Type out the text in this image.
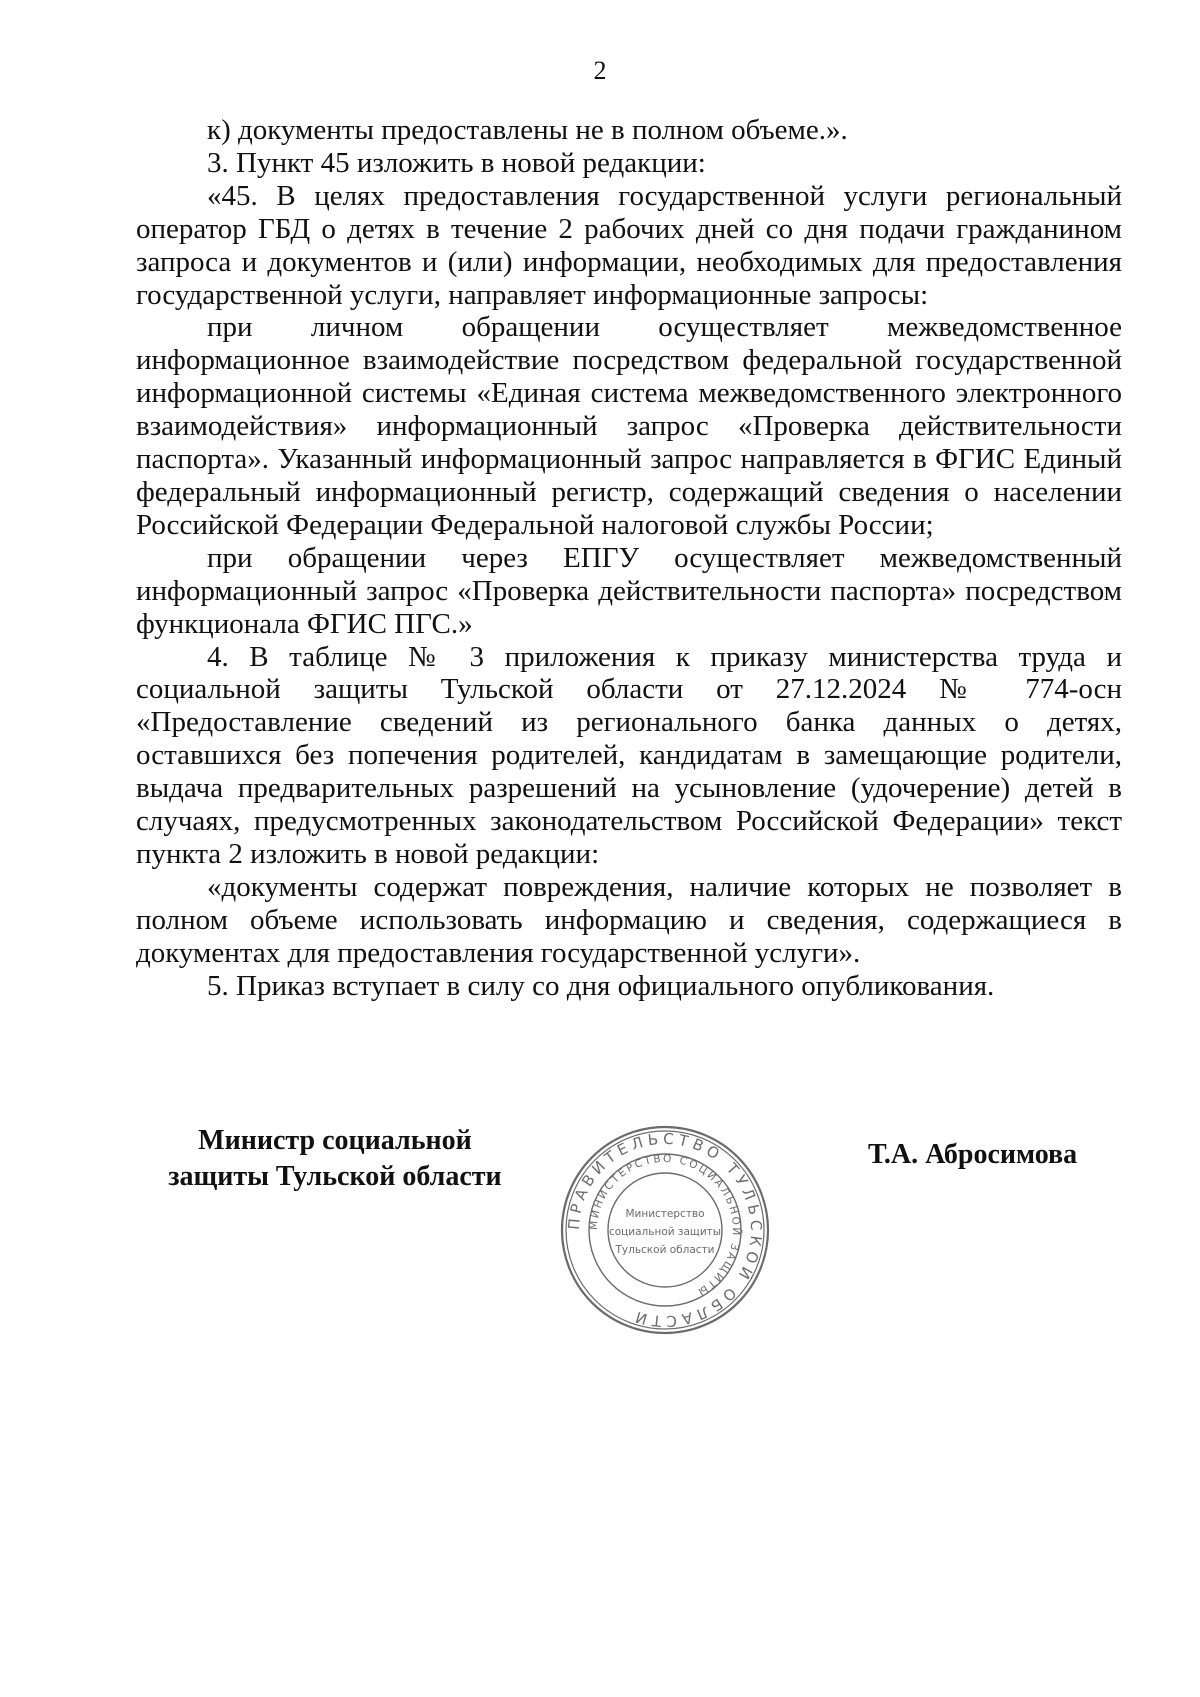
2

к) документы предоставлены не в полном объеме.».

3. Пункт 45 изложить в новой редакции:

«45. В целях предоставления государственной услуги региональный оператор ГБД о детях в течение 2 рабочих дней со дня подачи гражданином запроса и документов и (или) информации, необходимых для предоставления государственной услуги, направляет информационные запросы:

при личном обращении осуществляет межведомственное информационное взаимодействие посредством федеральной государственной информационной системы «Единая система межведомственного электронного взаимодействия» информационный запрос «Проверка действительности паспорта». Указанный информационный запрос направляется в ФГИС Единый федеральный информационный регистр, содержащий сведения о населении Российской Федерации Федеральной налоговой службы России;

при обращении через ЕПГУ осуществляет межведомственный информационный запрос «Проверка действительности паспорта» посредством функционала ФГИС ПГС.»

4. В таблице № 3 приложения к приказу министерства труда и социальной защиты Тульской области от 27.12.2024 № 774-осн «Предоставление сведений из регионального банка данных о детях, оставшихся без попечения родителей, кандидатам в замещающие родители, выдача предварительных разрешений на усыновление (удочерение) детей в случаях, предусмотренных законодательством Российской Федерации» текст пункта 2 изложить в новой редакции:

«документы содержат повреждения, наличие которых не позволяет в полном объеме использовать информацию и сведения, содержащиеся в документах для предоставления государственной услуги».

5. Приказ вступает в силу со дня официального опубликования.

Министр социальной
защиты Тульской области
ПРАВИТЕЛЬСТВО ТУЛЬСКОЙ ОБЛАСТИ
МИНИСТЕРСТВО СОЦИАЛЬНОЙ ЗАЩИТЫ
Министерство
социальной защиты
Тульской области
Т.А. Абросимова
